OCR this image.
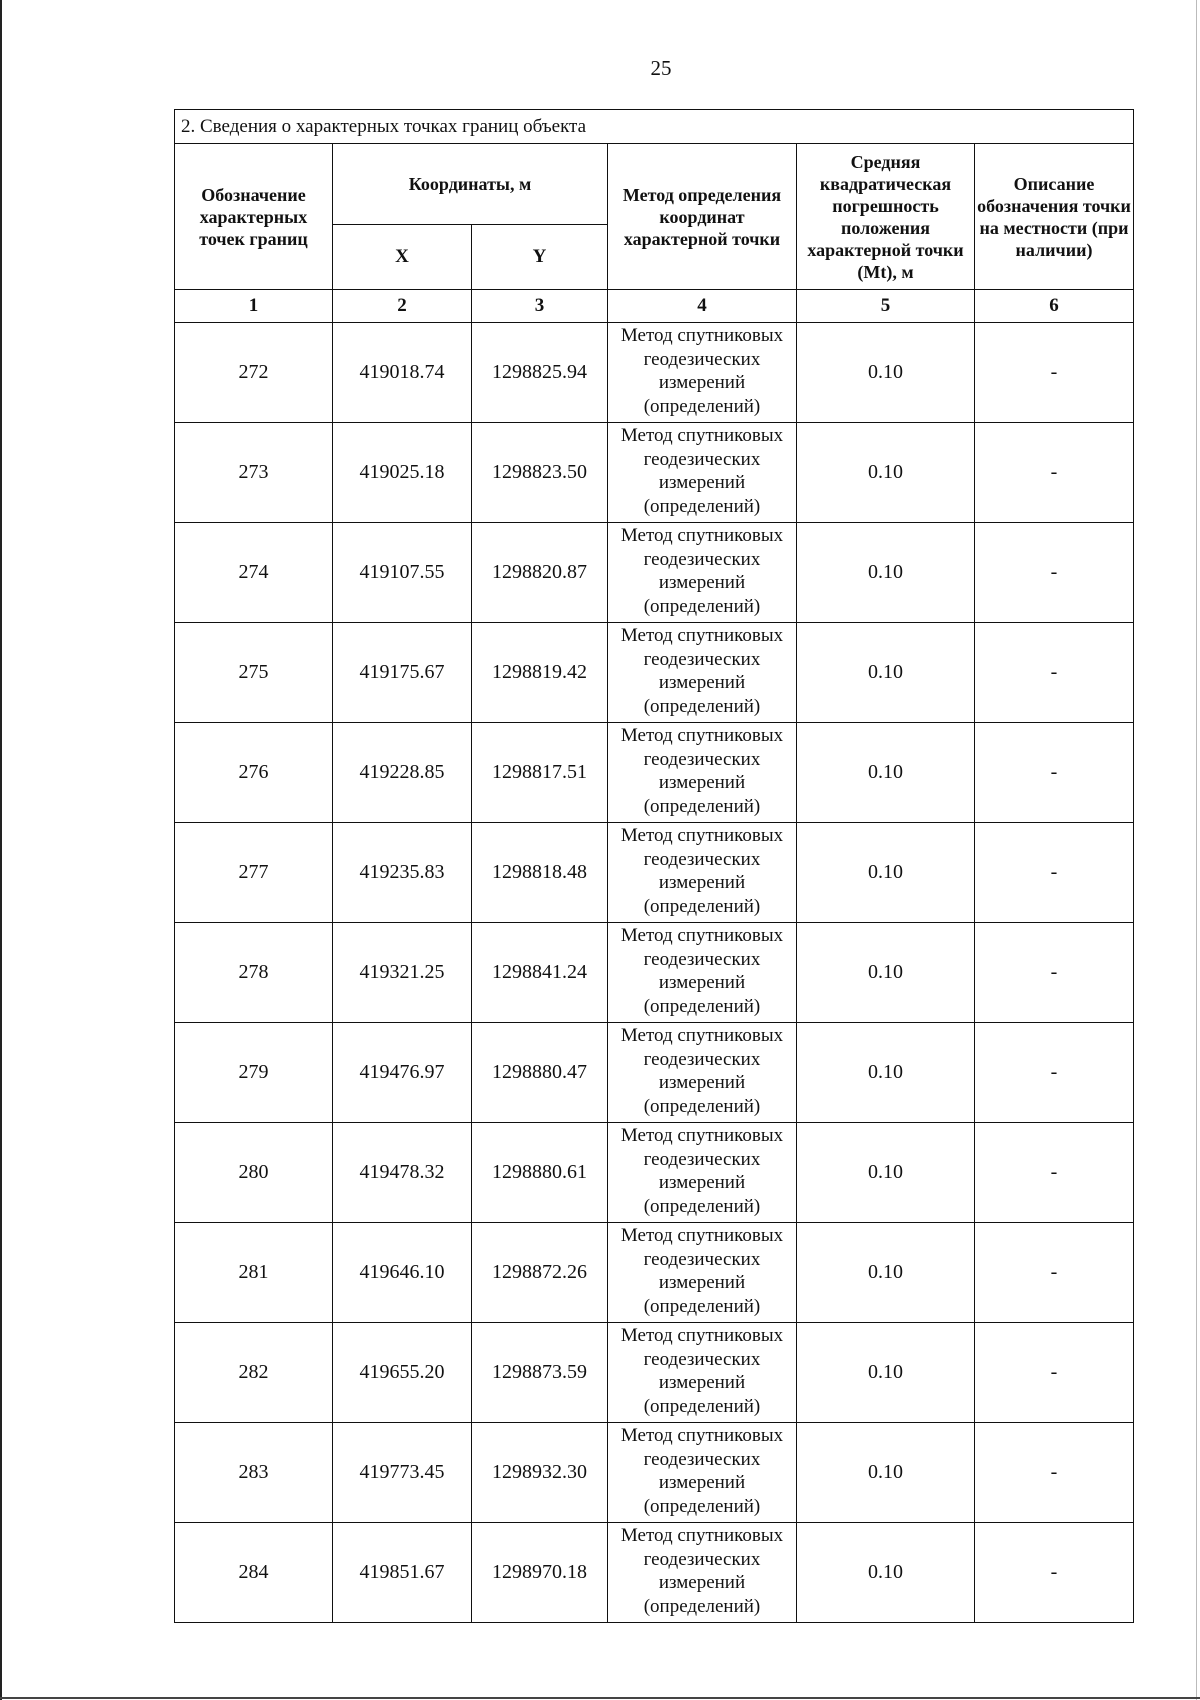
25
2. Сведения о характерных точках границ объекта					
Обозначение характерных точек границ	Координаты, м		Метод определения координат характерной точки	Средняя квадратическая погрешность положения характерной точки (Mt), м	Описание обозначения точки на местности (при наличии)
	X	Y			
1	2	3	4	5	6
272	419018.74	1298825.94	Метод спутниковых геодезических измерений (определений)	0.10	-
273	419025.18	1298823.50	Метод спутниковых геодезических измерений (определений)	0.10	-
274	419107.55	1298820.87	Метод спутниковых геодезических измерений (определений)	0.10	-
275	419175.67	1298819.42	Метод спутниковых геодезических измерений (определений)	0.10	-
276	419228.85	1298817.51	Метод спутниковых геодезических измерений (определений)	0.10	-
277	419235.83	1298818.48	Метод спутниковых геодезических измерений (определений)	0.10	-
278	419321.25	1298841.24	Метод спутниковых геодезических измерений (определений)	0.10	-
279	419476.97	1298880.47	Метод спутниковых геодезических измерений (определений)	0.10	-
280	419478.32	1298880.61	Метод спутниковых геодезических измерений (определений)	0.10	-
281	419646.10	1298872.26	Метод спутниковых геодезических измерений (определений)	0.10	-
282	419655.20	1298873.59	Метод спутниковых геодезических измерений (определений)	0.10	-
283	419773.45	1298932.30	Метод спутниковых геодезических измерений (определений)	0.10	-
284	419851.67	1298970.18	Метод спутниковых геодезических измерений (определений)	0.10	-
